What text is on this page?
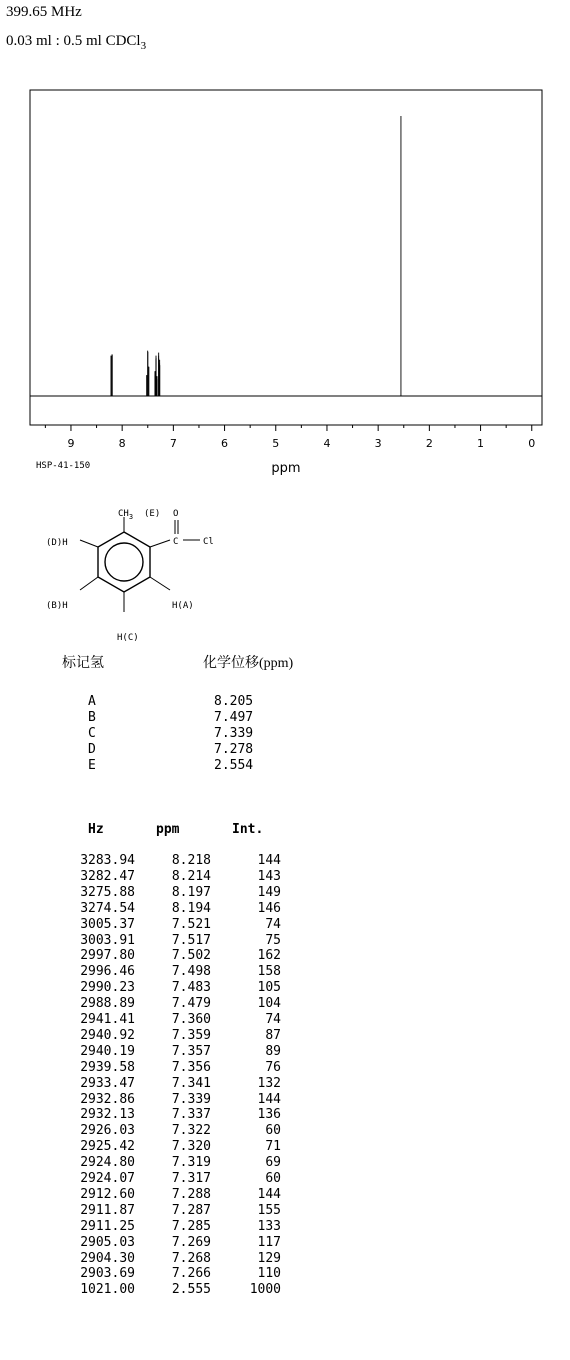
399.65 MHz
0.03 ml : 0.5 ml CDCl$_3$
9	8	7	6	5	4	3	2	1	0
ppm
HSP-41-150
$CH_3$ (E) O
C	Cl
(D)H
(B)H	H(A)
H(C)
标记氢	化学位移(ppm)
A	8.205
B	7.497
C	7.339
D	7.278
E	2.554
Hz	ppm	Int.
3283.94	8.218	144
3282.47	8.214	143
3275.88	8.197	149
3274.54	8.194	146
3005.37	7.521	74
3003.91	7.517	75
2997.80	7.502	162
2996.46	7.498	158
2990.23	7.483	105
2988.89	7.479	104
2941.41	7.360	74
2940.92	7.359	87
2940.19	7.357	89
2939.58	7.356	76
2933.47	7.341	132
2932.86	7.339	144
2932.13	7.337	136
2926.03	7.322	60
2925.42	7.320	71
2924.80	7.319	69
2924.07	7.317	60
2912.60	7.288	144
2911.87	7.287	155
2911.25	7.285	133
2905.03	7.269	117
2904.30	7.268	129
2903.69	7.266	110
1021.00	2.555	1000
